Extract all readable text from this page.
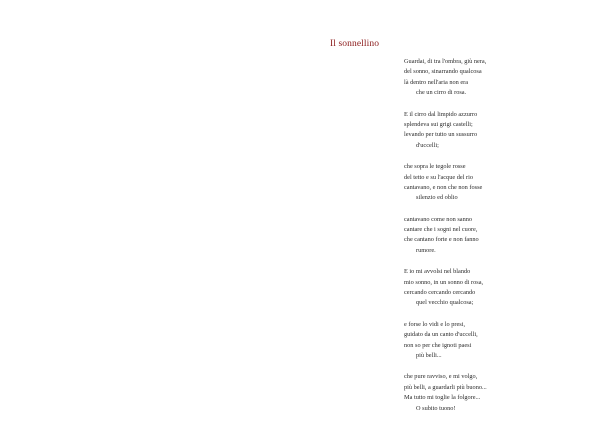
Il sonnellino
Guardai, di tra l'ombra, giù nera,
del sonno, sinarrando qualcosa
là dentro nell'aria non era
che un cirro di rosa.
E il cirro dal limpido azzurro
splendeva sui grigi castelli;
levando per tutto un sussurro
d'uccelli;
che sopra le tegole rosse
del tetto e su l'acque del rio
cantavano, e non che non fosse
silenzio ed oblio
cantavano come non sanno
cantare che i sogni nel cuore,
che cantano forte e non fanno
rumore.
E io mi avvolsi nel blando
mio sonno, in un sonno di rosa,
cercando cercando cercando
quel vecchio qualcosa;
e forse lo vidi e lo presi,
guidato da un canto d'uccelli,
non so per che ignoti paesi
più belli...
che pure ravviso, e mi volgo,
più belli, a guardarli più buono...
Ma tutto mi toglie la folgore...
O subito tuono!
